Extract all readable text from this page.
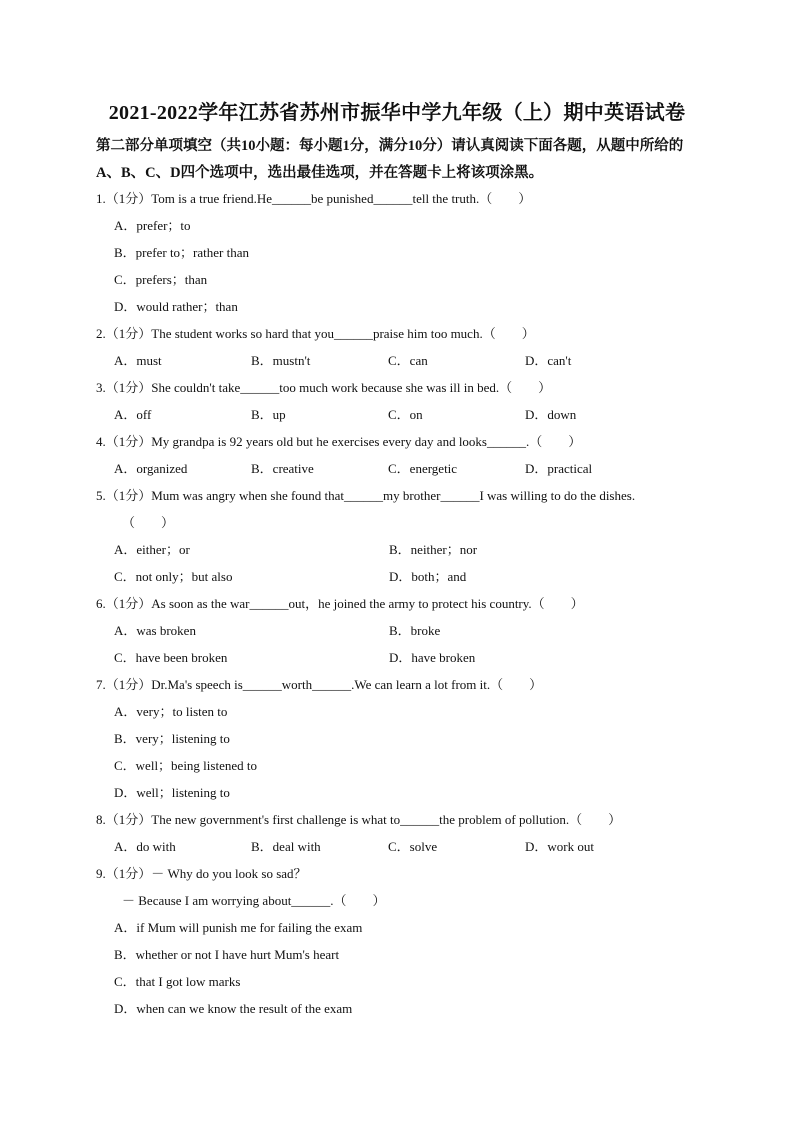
2021-2022学年江苏省苏州市振华中学九年级（上）期中英语试卷
第二部分单项填空（共10小题：每小题1分，满分10分）请认真阅读下面各题，从题中所给的A、B、C、D四个选项中，选出最佳选项，并在答题卡上将该项涂黑。
1.（1分）Tom is a true friend.He______be punished______tell the truth.（　　）
A．prefer；to
B．prefer to；rather than
C．prefers；than
D．would rather；than
2.（1分）The student works so hard that you______praise him too much.（　　）
A．must	B．mustn't	C．can	D．can't
3.（1分）She couldn't take______too much work because she was ill in bed.（　　）
A．off	B．up	C．on	D．down
4.（1分）My grandpa is 92 years old but he exercises every day and looks______.（　　）
A．organized	B．creative	C．energetic	D．practical
5.（1分）Mum was angry when she found that______my brother______I was willing to do the dishes.
（　　）
A．either；or	B．neither；nor
C．not only；but also	D．both；and
6.（1分）As soon as the war______out，he joined the army to protect his country.（　　）
A．was broken	B．broke
C．have been broken	D．have broken
7.（1分）Dr.Ma's speech is______worth______.We can learn a lot from it.（　　）
A．very；to listen to
B．very；listening to
C．well；being listened to
D．well；listening to
8.（1分）The new government's first challenge is what to______the problem of pollution.（　　）
A．do with	B．deal with	C．solve	D．work out
9.（1分）－ Why do you look so sad？
－ Because I am worrying about______.（　　）
A．if Mum will punish me for failing the exam
B．whether or not I have hurt Mum's heart
C．that I got low marks
D．when can we know the result of the exam
